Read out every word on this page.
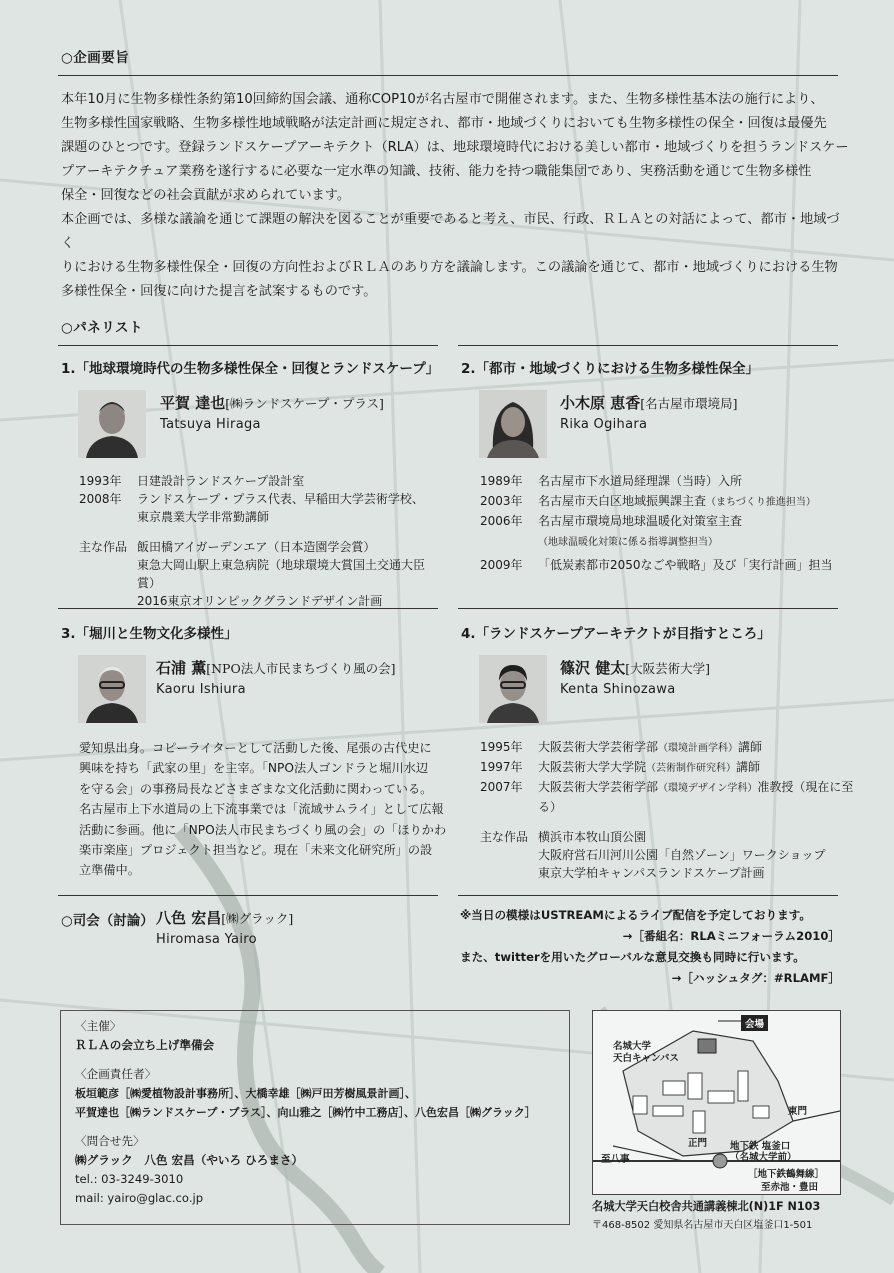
○企画要旨

本年10月に生物多様性条約第10回締約国会議、通称COP10が名古屋市で開催されます。また、生物多様性基本法の施行により、

生物多様性国家戦略、生物多様性地域戦略が法定計画に規定され、都市・地域づくりにおいても生物多様性の保全・回復は最優先

課題のひとつです。登録ランドスケープアーキテクト（RLA）は、地球環境時代における美しい都市・地域づくりを担うランドスケー

プアーキテクチュア業務を遂行するに必要な一定水準の知識、技術、能力を持つ職能集団であり、実務活動を通じて生物多様性

保全・回復などの社会貢献が求められています。

本企画では、多様な議論を通じて課題の解決を図ることが重要であると考え、市民、行政、ＲＬＡとの対話によって、都市・地域づく

りにおける生物多様性保全・回復の方向性およびＲＬＡのあり方を議論します。この議論を通じて、都市・地域づくりにおける生物

多様性保全・回復に向けた提言を試案するものです。

○パネリスト
1.「地球環境時代の生物多様性保全・回復とランドスケープ」
平賀 達也[㈱ランドスケープ・プラス]
Tatsuya Hiraga
1993年	日建設計ランドスケープ設計室
2008年	ランドスケープ・プラス代表、早稲田大学芸術学校、
東京農業大学非常勤講師
主な作品 飯田橋アイガーデンエア（日本造園学会賞）
東急大岡山駅上東急病院（地球環境大賞国土交通大臣賞）
2016東京オリンピックグランドデザイン計画
2.「都市・地域づくりにおける生物多様性保全」
小木原 恵香[名古屋市環境局]
Rika Ogihara
1989年	名古屋市下水道局経理課（当時）入所
2003年	名古屋市天白区地域振興課主査（まちづくり推進担当）
2006年	名古屋市環境局地球温暖化対策室主査
（地球温暖化対策に係る指導調整担当）
2009年	「低炭素都市2050なごや戦略」及び「実行計画」担当
3.「堀川と生物文化多様性」
石浦 薫[NPO法人市民まちづくり風の会]
Kaoru Ishiura
愛知県出身。コピーライターとして活動した後、尾張の古代史に
興味を持ち「武家の里」を主宰。「NPO法人ゴンドラと堀川水辺
を守る会」の事務局長などさまざまな文化活動に関わっている。
名古屋市上下水道局の上下流事業では「流域サムライ」として広報
活動に参画。他に「NPO法人市民まちづくり風の会」の「ほりかわ
楽市楽座」プロジェクト担当など。現在「未来文化研究所」の設
立準備中。
4.「ランドスケープアーキテクトが目指すところ」
篠沢 健太[大阪芸術大学]
Kenta Shinozawa
1995年	大阪芸術大学芸術学部（環境計画学科）講師
1997年	大阪芸術大学大学院（芸術制作研究科）講師
2007年	大阪芸術大学芸術学部（環境デザイン学科）准教授（現在に至る）
主な作品 横浜市本牧山頂公園
大阪府営石川河川公園「自然ゾーン」ワークショップ
東京大学柏キャンパスランドスケープ計画
○司会（討論） 八色 宏昌[㈱グラック]
Hiromasa Yairo
※当日の模様はUSTREAMによるライブ配信を予定しております。
→［番組名：RLAミニフォーラム2010］
また、twitterを用いたグローバルな意見交換も同時に行います。
→［ハッシュタグ：#RLAMF］
〈主催〉
ＲＬＡの会立ち上げ準備会
〈企画責任者〉
板垣範彦［㈱愛植物設計事務所］、大橋幸雄［㈱戸田芳樹風景計画］、
平賀達也［㈱ランドスケープ・プラス］、向山雅之［㈱竹中工務店］、八色宏昌［㈱グラック］
〈問合せ先〉
㈱グラック　八色 宏昌（やいろ ひろまさ）
tel.: 03-3249-3010
mail: yairo@glac.co.jp
会場
名城大学
天白キャンパス
東門
正門
至八事
地下鉄 塩釜口
（名城大学前）
［地下鉄鶴舞線］
至赤池・豊田
名城大学天白校舎共通講義棟北(N)1F N103
〒468-8502 愛知県名古屋市天白区塩釜口1-501
